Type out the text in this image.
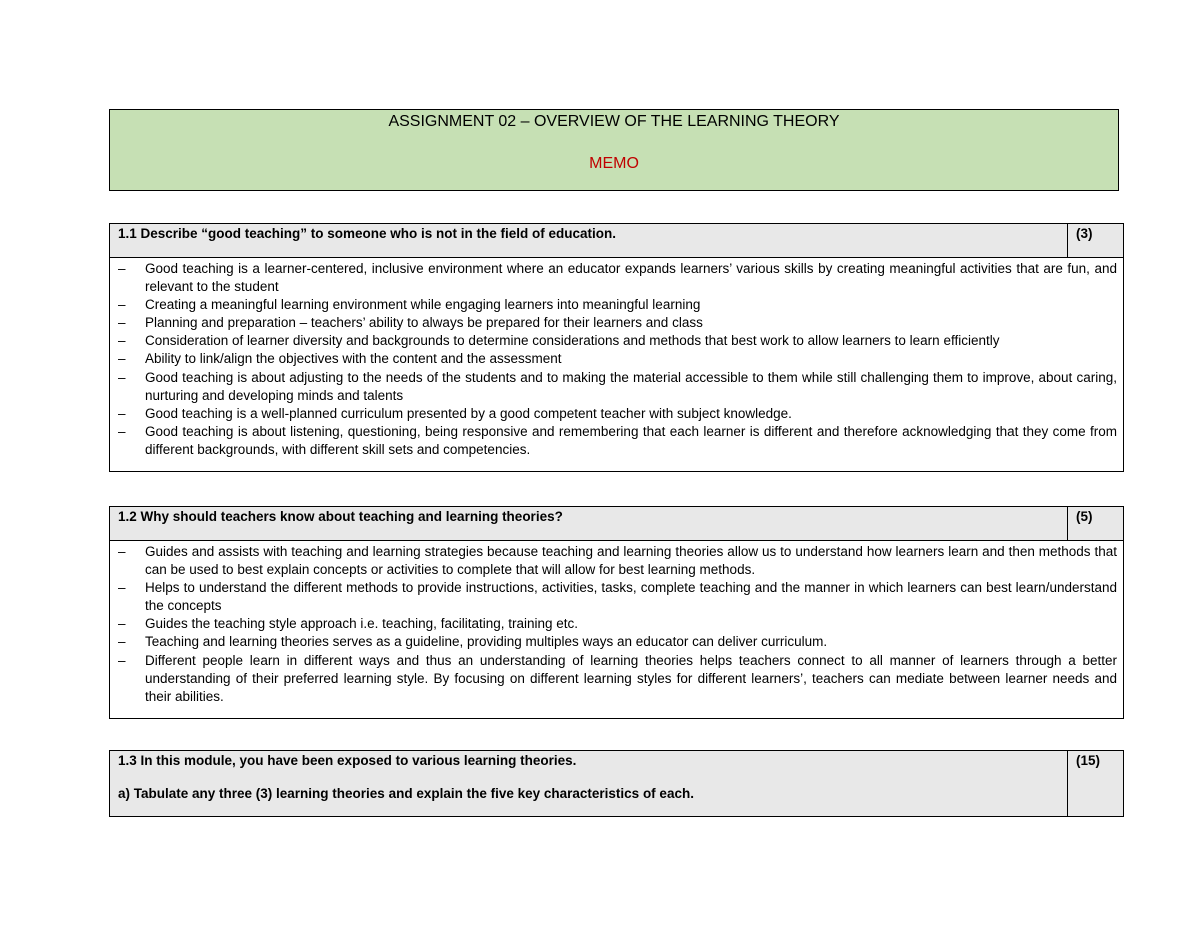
ASSIGNMENT 02 – OVERVIEW OF THE LEARNING THEORY
MEMO
1.1 Describe “good teaching” to someone who is not in the field of education.	(3)
– Good teaching is a learner-centered, inclusive environment where an educator expands learners’ various skills by creating meaningful activities that are fun, and relevant to the student
– Creating a meaningful learning environment while engaging learners into meaningful learning
– Planning and preparation – teachers’ ability to always be prepared for their learners and class
– Consideration of learner diversity and backgrounds to determine considerations and methods that best work to allow learners to learn efficiently
– Ability to link/align the objectives with the content and the assessment
– Good teaching is about adjusting to the needs of the students and to making the material accessible to them while still challenging them to improve, about caring, nurturing and developing minds and talents
– Good teaching is a well-planned curriculum presented by a good competent teacher with subject knowledge.
– Good teaching is about listening, questioning, being responsive and remembering that each learner is different and therefore acknowledging that they come from different backgrounds, with different skill sets and competencies.
1.2 Why should teachers know about teaching and learning theories?	(5)
– Guides and assists with teaching and learning strategies because teaching and learning theories allow us to understand how learners learn and then methods that can be used to best explain concepts or activities to complete that will allow for best learning methods.
– Helps to understand the different methods to provide instructions, activities, tasks, complete teaching and the manner in which learners can best learn/understand the concepts
– Guides the teaching style approach i.e. teaching, facilitating, training etc.
– Teaching and learning theories serves as a guideline, providing multiples ways an educator can deliver curriculum.
– Different people learn in different ways and thus an understanding of learning theories helps teachers connect to all manner of learners through a better understanding of their preferred learning style. By focusing on different learning styles for different learners’, teachers can mediate between learner needs and their abilities.
1.3 In this module, you have been exposed to various learning theories.
a) Tabulate any three (3) learning theories and explain the five key characteristics of each.
(15)
